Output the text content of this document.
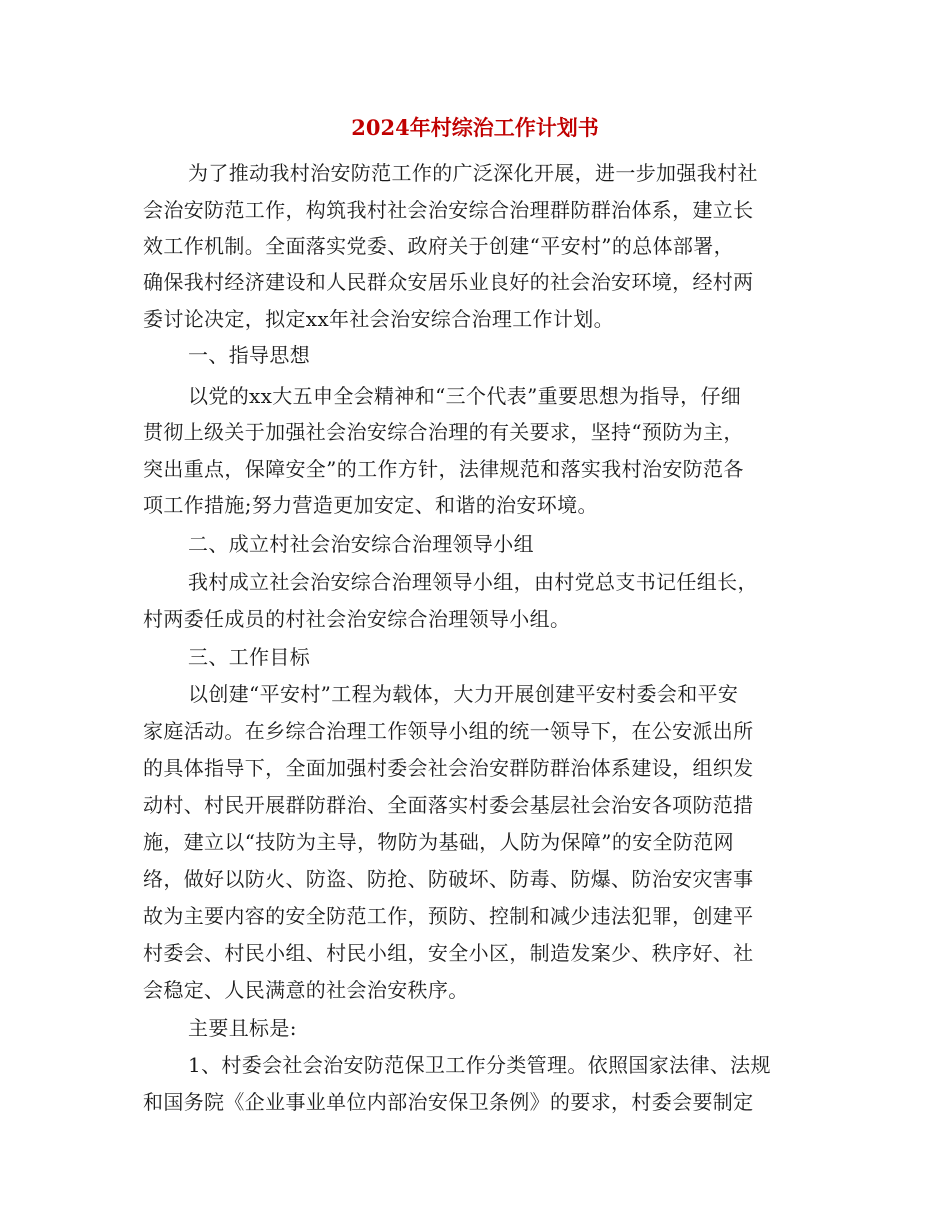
2024年村综治工作计划书
为了推动我村治安防范工作的广泛深化开展，进一步加强我村社
会治安防范工作，构筑我村社会治安综合治理群防群治体系，建立长
效工作机制。全面落实党委、政府关于创建“平安村”的总体部署，
确保我村经济建设和人民群众安居乐业良好的社会治安环境，经村两
委讨论决定，拟定xx年社会治安综合治理工作计划。
一、指导思想
以党的xx大五申全会精神和“三个代表”重要思想为指导，仔细
贯彻上级关于加强社会治安综合治理的有关要求，坚持“预防为主，
突出重点，保障安全”的工作方针，法律规范和落实我村治安防范各
项工作措施;努力营造更加安定、和谐的治安环境。
二、成立村社会治安综合治理领导小组
我村成立社会治安综合治理领导小组，由村党总支书记任组长，
村两委任成员的村社会治安综合治理领导小组。
三、工作目标
以创建“平安村”工程为载体，大力开展创建平安村委会和平安
家庭活动。在乡综合治理工作领导小组的统一领导下，在公安派出所
的具体指导下，全面加强村委会社会治安群防群治体系建设，组织发
动村、村民开展群防群治、全面落实村委会基层社会治安各项防范措
施，建立以“技防为主导，物防为基础，人防为保障”的安全防范网
络，做好以防火、防盗、防抢、防破坏、防毒、防爆、防治安灾害事
故为主要内容的安全防范工作，预防、控制和减少违法犯罪，创建平
村委会、村民小组、村民小组，安全小区，制造发案少、秩序好、社
会稳定、人民满意的社会治安秩序。
主要且标是:
1、村委会社会治安防范保卫工作分类管理。依照国家法律、法规
和国务院《企业事业单位内部治安保卫条例》的要求，村委会要制定
